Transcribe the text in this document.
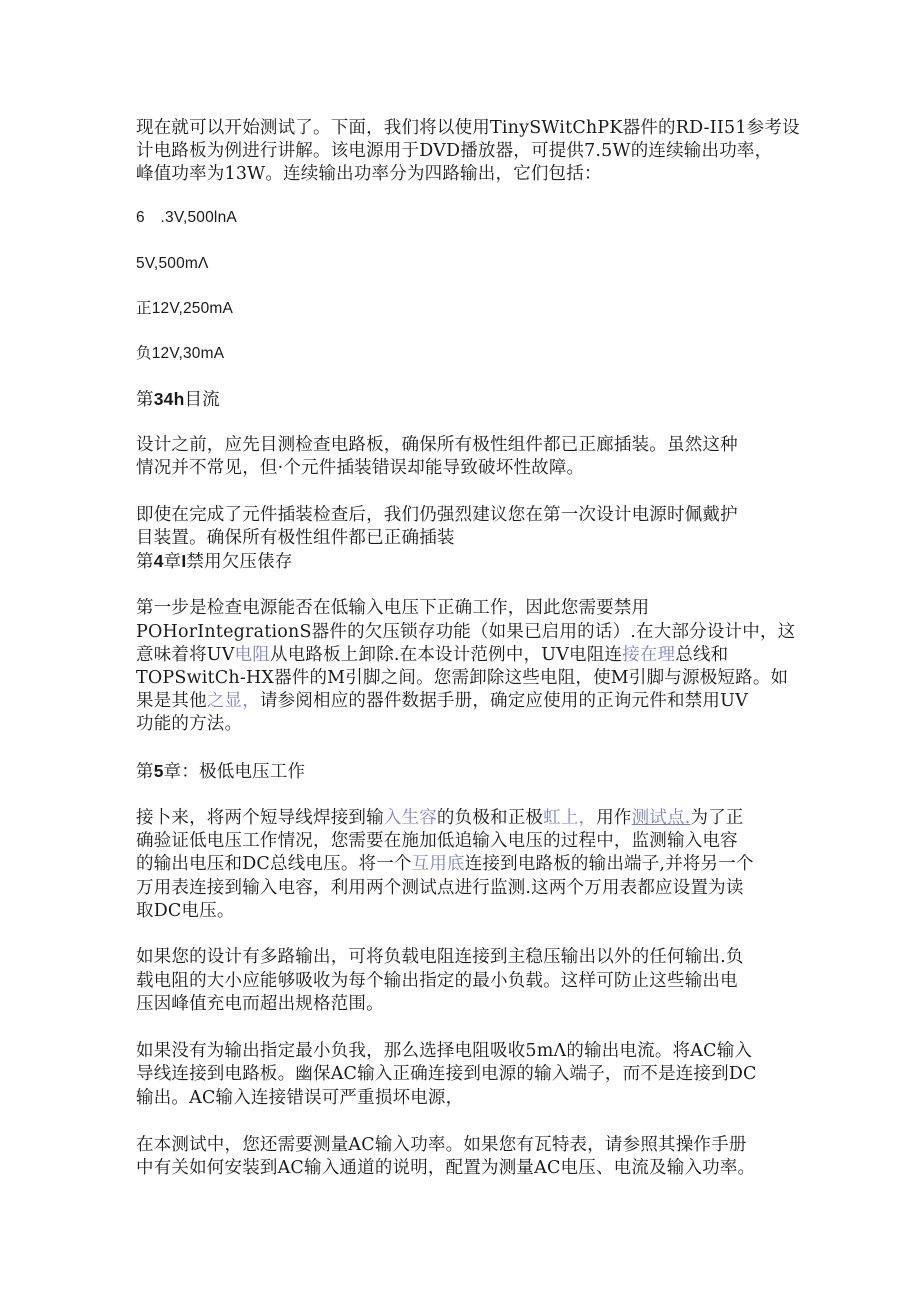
现在就可以开始测试了。下面，我们将以使用TinySWitChPK器件的RD-II51参考设
计电路板为例进行讲解。该电源用于DVD播放器，可提供7.5W的连续输出功率，
峰值功率为13W。连续输出功率分为四路输出，它们包括：
6　.3V,500lnA
5V,500mΛ
正12V,250mA
负12V,30mA
第34h目流
设计之前，应先目测检查电路板，确保所有极性组件都已正廊插装。虽然这种
情况并不常见，但·个元件插装错误却能导致破坏性故障。
即使在完成了元件插装检查后，我们仍强烈建议您在第一次设计电源时佩戴护
目装置。确保所有极性组件都已正确插装
第4章I禁用欠压俵存
第一步是检查电源能否在低输入电压下正确工作，因此您需要禁用
POHorIntegrationS器件的欠压锁存功能（如果已启用的话）.在大部分设计中，这
意味着将UV电阻从电路板上卸除.在本设计范例中，UV电阻连接在理总线和
TOPSwitCh-HX器件的M引脚之间。您需卸除这些电阻，使M引脚与源极短路。如
果是其他之显，请参阅相应的器件数据手册，确定应使用的正询元件和禁用UV
功能的方法。
第5章：极低电压工作
接卜来，将两个短导线焊接到输入生容的负极和正极虹上，用作测试点.为了正
确验证低电压工作情况，您需要在施加低追输入电压的过程中，监测输入电容
的输出电压和DC总线电压。将一个互用底连接到电路板的输出端子,并将另一个
万用表连接到输入电容，利用两个测试点进行监测.这两个万用表都应设置为读
取DC电压。
如果您的设计有多路输出，可将负载电阻连接到主稳压输出以外的任何输出.负
载电阻的大小应能够吸收为每个输出指定的最小负载。这样可防止这些输出电
压因峰值充电而超出规格范围。
如果没有为输出指定最小负我，那么选择电阻吸收5mΛ的输出电流。将AC输入
导线连接到电路板。幽保AC输入正确连接到电源的输入端子，而不是连接到DC
输出。AC输入连接错误可严重损坏电源，
在本测试中，您还需要测量AC输入功率。如果您有瓦特表，请参照其操作手册
中有关如何安装到AC输入通道的说明，配置为测量AC电压、电流及输入功率。
